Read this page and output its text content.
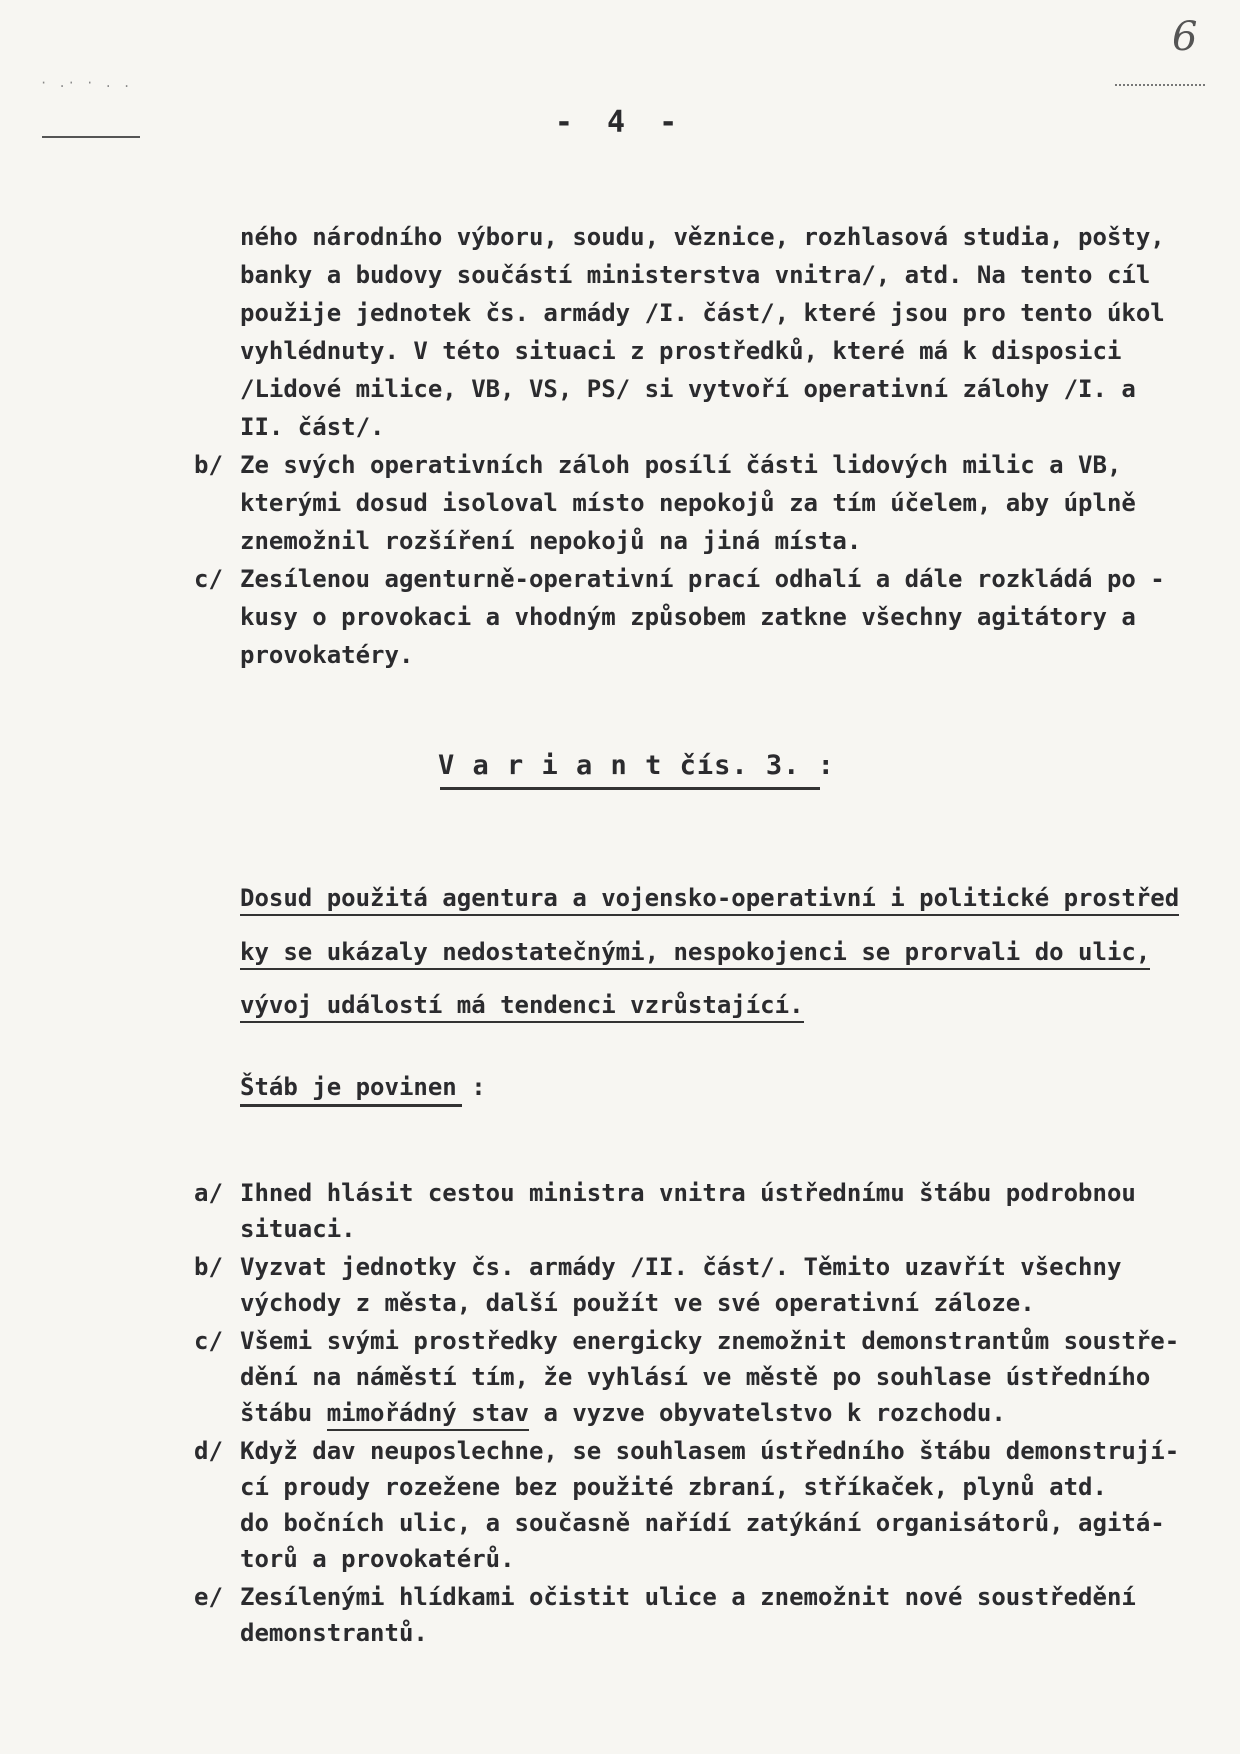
· .· · . .
6
- 4 -
ného národního výboru, soudu, věznice, rozhlasová studia, pošty,
banky a budovy součástí ministerstva vnitra/, atd. Na tento cíl
použije jednotek čs. armády /I. část/, které jsou pro tento úkol
vyhlédnuty. V této situaci z prostředků, které má k disposici
/Lidové milice, VB, VS, PS/ si vytvoří operativní zálohy /I. a
II. část/.
b/ Ze svých operativních záloh posílí části lidových milic a VB,
kterými dosud isoloval místo nepokojů za tím účelem, aby úplně
znemožnil rozšíření nepokojů na jiná místa.
c/ Zesílenou agenturně-operativní prací odhalí a dále rozkládá po -
kusy o provokaci a vhodným způsobem zatkne všechny agitátory a
provokatéry.
V a r i a n t čís. 3. :
Dosud použitá agentura a vojensko-operativní i politické prostřed
ky se ukázaly nedostatečnými, nespokojenci se prorvali do ulic,
vývoj událostí má tendenci vzrůstající.
Štáb je povinen :
a/ Ihned hlásit cestou ministra vnitra ústřednímu štábu podrobnou
situaci.
b/ Vyzvat jednotky čs. armády /II. část/. Těmito uzavřít všechny
východy z města, další použít ve své operativní záloze.
c/ Všemi svými prostředky energicky znemožnit demonstrantům soustře-
dění na náměstí tím, že vyhlásí ve městě po souhlase ústředního
štábu mimořádný stav a vyzve obyvatelstvo k rozchodu.
d/ Když dav neuposlechne, se souhlasem ústředního štábu demonstrují-
cí proudy rozežene bez použité zbraní, stříkaček, plynů atd.
do bočních ulic, a současně nařídí zatýkání organisátorů, agitá-
torů a provokatérů.
e/ Zesílenými hlídkami očistit ulice a znemožnit nové soustředění
demonstrantů.
